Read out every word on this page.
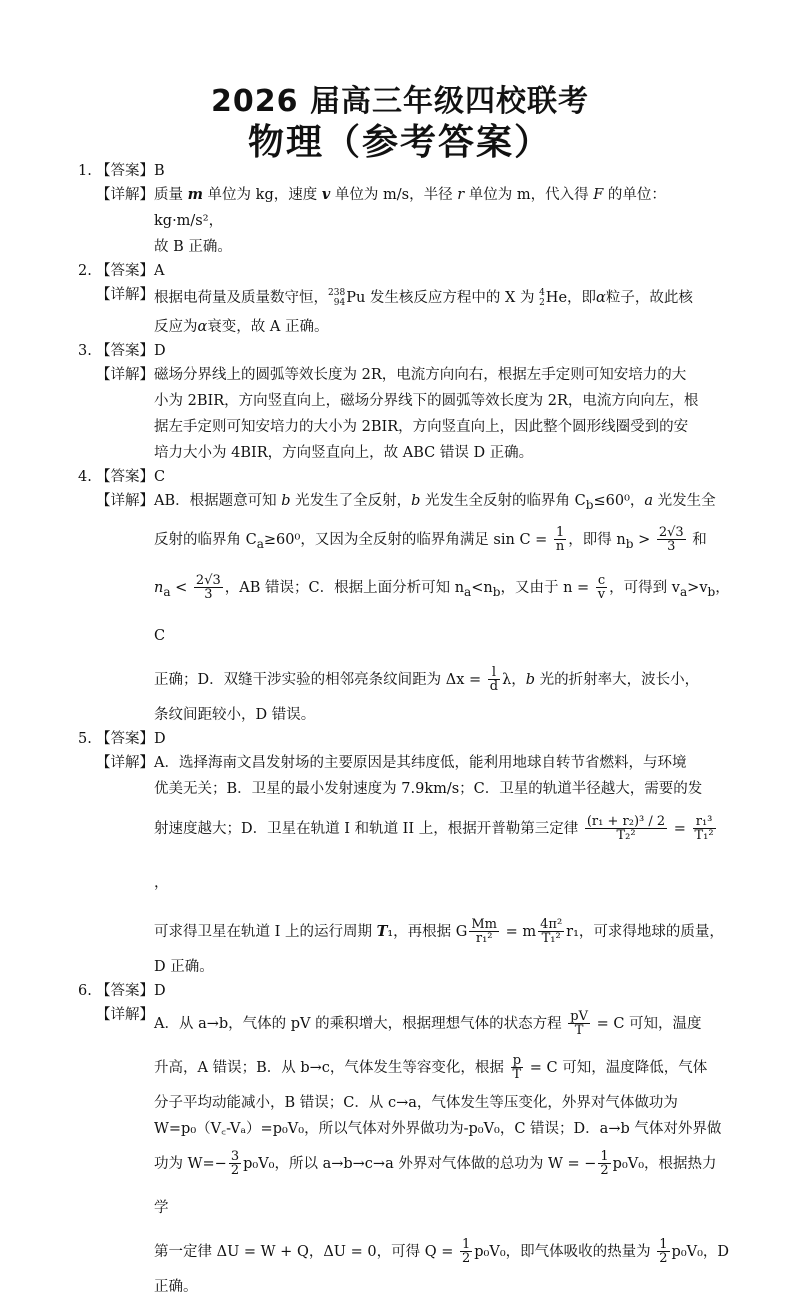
2026 届高三年级四校联考
物理（参考答案）
1. 【答案】B
【详解】 质量 m 单位为 kg，速度 v 单位为 m/s，半径 r 单位为 m，代入得 F 的单位：kg·m/s²，

故 B 正确。

2. 【答案】A
【详解】 根据电荷量及质量数守恒， 238
94 Pu 发生核反应方程中的 X 为 4
2 He，即α粒子，故此核

反应为α衰变，故 A 正确。

3. 【答案】D
【详解】 磁场分界线上的圆弧等效长度为 2R，电流方向向右，根据左手定则可知安培力的大

小为 2BIR，方向竖直向上，磁场分界线下的圆弧等效长度为 2R，电流方向向左，根

据左手定则可知安培力的大小为 2BIR，方向竖直向上，因此整个圆形线圈受到的安

培力大小为 4BIR，方向竖直向上，故 ABC 错误 D 正确。

4. 【答案】C
【详解】 AB．根据题意可知 b 光发生了全反射，b 光发生全反射的临界角 $C_b\le 60^0$，a 光发生全

反射的临界角 $C_a\ge 60^0$，又因为全反射的临界角满足 $\sin C = \frac{1}{n}$ ，即得 $n_b > \frac{2√3}{3}$ 和

$n_a < \frac{2√3}{3}$ ，AB 错误；C．根据上面分析可知 $n_a<n_b$，又由于 $n = \frac{c}{v}$ ，可得到 $v_a>v_b$，C

正确；D．双缝干涉实验的相邻亮条纹间距为 $\Delta x = \frac{l}{d}$ λ，b 光的折射率大，波长小，

条纹间距较小，D 错误。

5. 【答案】D
【详解】 A．选择海南文昌发射场的主要原因是其纬度低，能利用地球自转节省燃料，与环境

优美无关；B．卫星的最小发射速度为 7.9km/s；C．卫星的轨道半径越大，需要的发

射速度越大；D．卫星在轨道 I 和轨道 II 上，根据开普勒第三定律 $\frac{\text{(r₁ + r₂)³ / 2}}{\text{T₂²}} = \frac{\text{r₁³}}{\text{T₁²}}$
，

可求得卫星在轨道 I 上的运行周期 T₁，再根据 G $\frac{Mm}{\text{r₁²}} = m \frac{\text{4π²}}{\text{T₁²}} r_1$，可求得地球的质量，

D 正确。

6. 【答案】D
【详解】

A．从 a→b，气体的 pV 的乘积增大，根据理想气体的状态方程 $\frac{pV}{T} = C$ 可知，温度

升高，A 错误；B．从 b→c，气体发生等容变化，根据 $\frac{p}{T} = C$ 可知，温度降低，气体

分子平均动能减小，B 错误；C．从 c→a，气体发生等压变化，外界对气体做功为

W=p₀（V꜀-Vₐ）=p₀V₀，所以气体对外界做功为-p₀V₀，C 错误；D．a→b 气体对外界做

功为 $W=- \frac{3}{2} p_0V_0$，所以 a→b→c→a 外界对气体做的总功为 W = − $\frac{1}{2} p_0V_0$，根据热力学

第一定律 ΔU = W + Q，ΔU = 0，可得 $Q = \frac{1}{2} p_0V_0$，即气体吸收的热量为 $\frac{1}{2} p_0V_0$，D

正确。
